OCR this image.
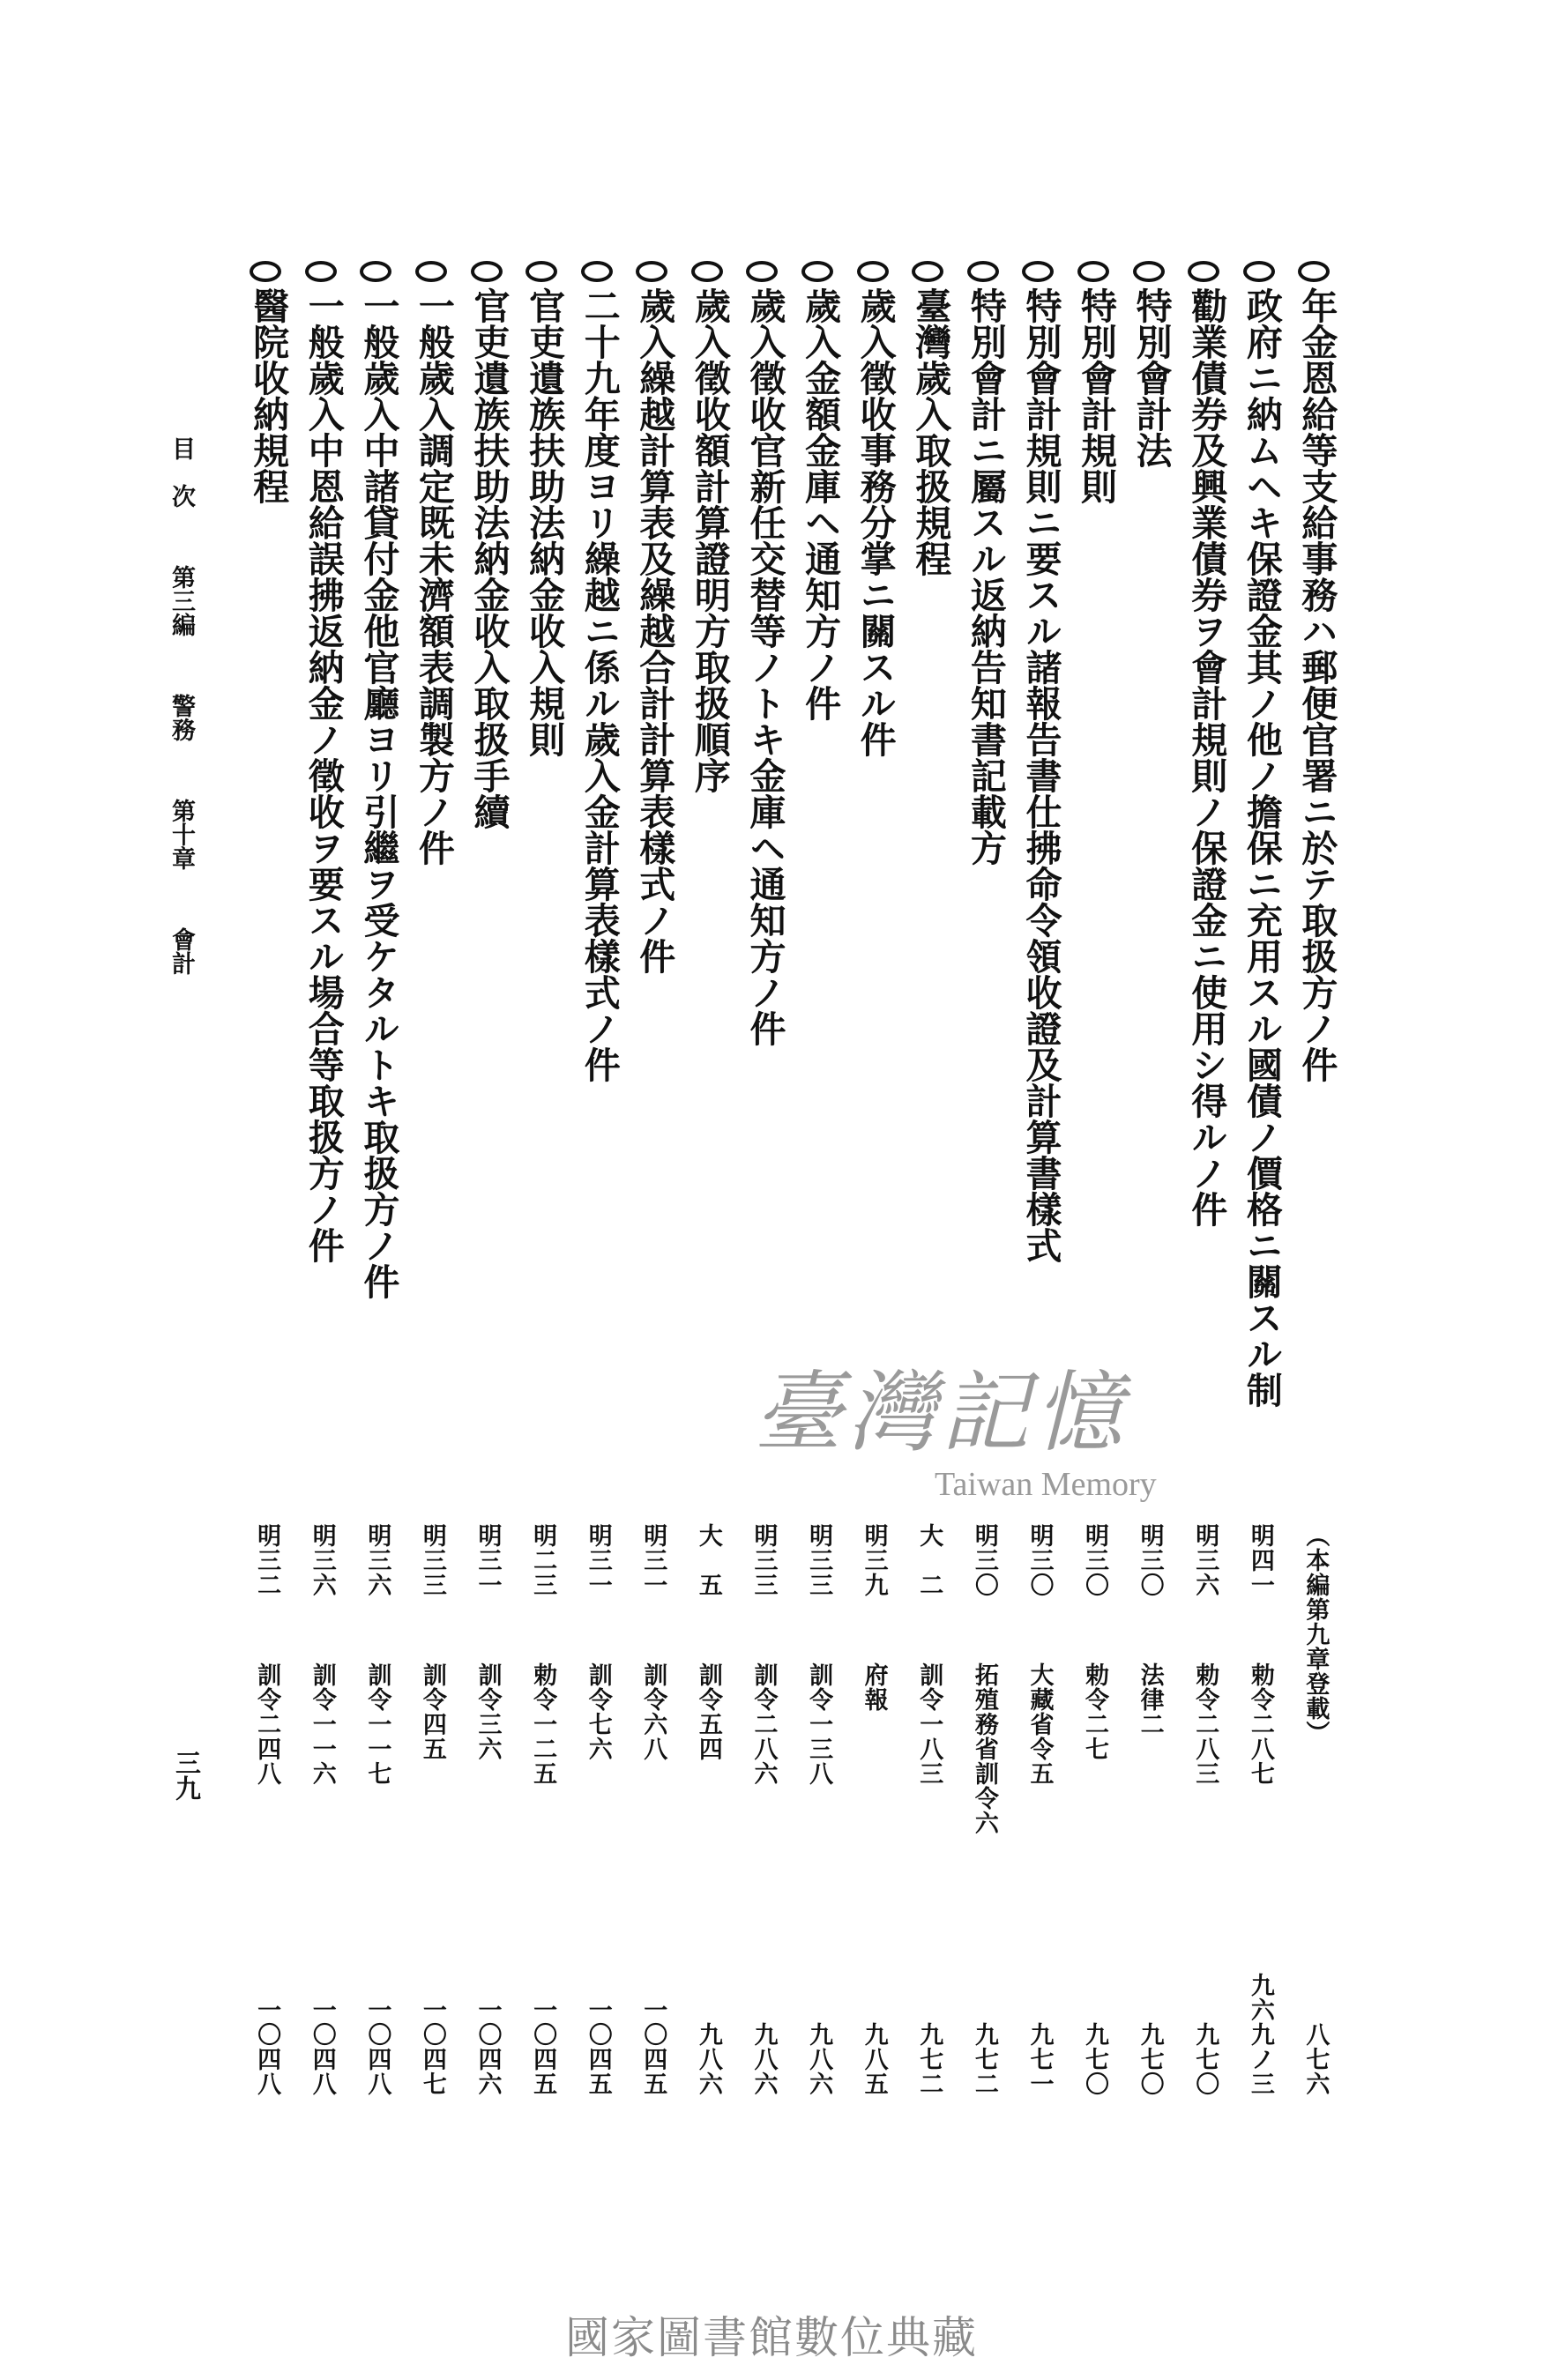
醫院收納規程
明三二
訓令二四八
一〇四八
一般歲入中恩給誤拂返納金ノ徵收ヲ要スル場合等取扱方ノ件
明三六
訓令一一六
一〇四八
一般歲入中諸貸付金他官廳ヨリ引繼ヲ受ケタルトキ取扱方ノ件
明三六
訓令一一七
一〇四八
一般歲入調定既未濟額表調製方ノ件
明三三
訓令四五
一〇四七
官吏遺族扶助法納金收入取扱手續
明三一
訓令三六
一〇四六
官吏遺族扶助法納金收入規則
明二三
勅令一二五
一〇四五
二十九年度ヨリ繰越ニ係ル歲入金計算表樣式ノ件
明三一
訓令七六
一〇四五
歲入繰越計算表及繰越合計計算表樣式ノ件
明三一
訓令六八
一〇四五
歲入徵收額計算證明方取扱順序
大　五
訓令五四
九八六
歲入徵收官新任交替等ノトキ金庫ヘ通知方ノ件
明三三
訓令二八六
九八六
歲入金額金庫ヘ通知方ノ件
明三三
訓令一三八
九八六
歲入徵收事務分掌ニ關スル件
明三九
府報
九八五
臺灣歲入取扱規程
大　二
訓令一八三
九七二
特別會計ニ屬スル返納告知書記載方
明三〇
拓殖務省訓令六
九七二
特別會計規則ニ要スル諸報告書仕拂命令領收證及計算書樣式
明三〇
大藏省令五
九七一
特別會計規則
明三〇
勅令二七
九七〇
特別會計法
明三〇
法律二
九七〇
勸業債券及興業債券ヲ會計規則ノ保證金ニ使用シ得ルノ件
明三六
勅令二八三
九七〇
政府ニ納ムヘキ保證金其ノ他ノ擔保ニ充用スル國債ノ價格ニ關スル制
明四一
勅令二八七
九六九ノ三
年金恩給等支給事務ハ郵便官署ニ於テ取扱方ノ件
（本編第九章登載）
八七六
目　次 第三編 警務 第十章 會計
三九
臺灣記憶
Taiwan Memory
國家圖書館數位典藏
